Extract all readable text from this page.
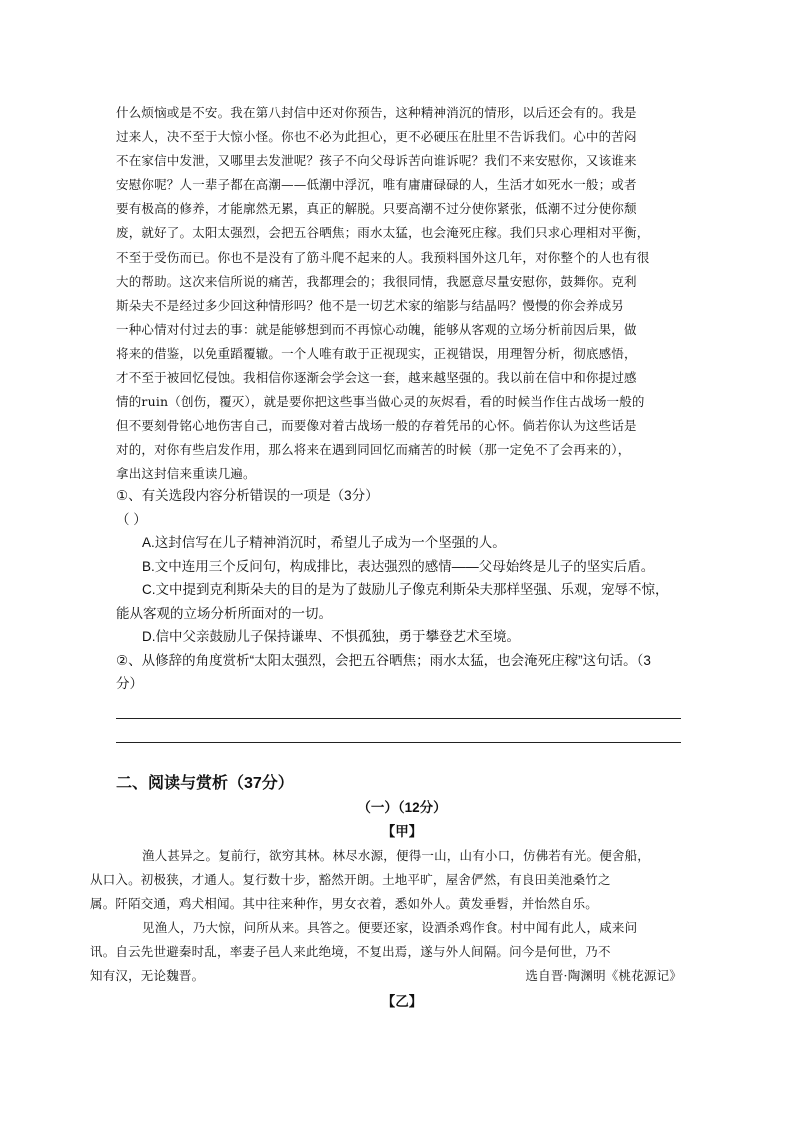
什么烦恼或是不安。我在第八封信中还对你预告，这种精神消沉的情形，以后还会有的。我是

过来人，决不至于大惊小怪。你也不必为此担心，更不必硬压在肚里不告诉我们。心中的苦闷

不在家信中发泄，又哪里去发泄呢？孩子不向父母诉苦向谁诉呢？我们不来安慰你，又该谁来

安慰你呢？人一辈子都在高潮——低潮中浮沉，唯有庸庸碌碌的人，生活才如死水一般；或者

要有极高的修养，才能廓然无累，真正的解脱。只要高潮不过分使你紧张，低潮不过分使你颓

废，就好了。太阳太强烈，会把五谷晒焦；雨水太猛，也会淹死庄稼。我们只求心理相对平衡，

不至于受伤而已。你也不是没有了筋斗爬不起来的人。我预料国外这几年，对你整个的人也有很

大的帮助。这次来信所说的痛苦，我都理会的；我很同情，我愿意尽量安慰你，鼓舞你。克利

斯朵夫不是经过多少回这种情形吗？他不是一切艺术家的缩影与结晶吗？慢慢的你会养成另

一种心情对付过去的事：就是能够想到而不再惊心动魄，能够从客观的立场分析前因后果，做

将来的借鉴，以免重蹈覆辙。一个人唯有敢于正视现实，正视错误，用理智分析，彻底感悟，

才不至于被回忆侵蚀。我相信你逐渐会学会这一套，越来越坚强的。我以前在信中和你提过感

情的ruin（创伤，覆灭），就是要你把这些事当做心灵的灰烬看，看的时候当作住古战场一般的

但不要刻骨铭心地伤害自己，而要像对着古战场一般的存着凭吊的心怀。倘若你认为这些话是

对的，对你有些启发作用，那么将来在遇到同回忆而痛苦的时候（那一定免不了会再来的），

拿出这封信来重读几遍。

①、有关选段内容分析错误的一项是（3分）

（ ）

A.这封信写在儿子精神消沉时，希望儿子成为一个坚强的人。

B.文中连用三个反问句，构成排比，表达强烈的感情——父母始终是儿子的坚实后盾。

C.文中提到克利斯朵夫的目的是为了鼓励儿子像克利斯朵夫那样坚强、乐观，宠辱不惊，

能从客观的立场分析所面对的一切。

D.信中父亲鼓励儿子保持谦卑、不惧孤独，勇于攀登艺术至境。

②、从修辞的角度赏析“太阳太强烈，会把五谷晒焦；雨水太猛，也会淹死庄稼”这句话。（3

分）

二、阅读与赏析（37分）

（一）（12分）

【甲】

渔人甚异之。复前行，欲穷其林。林尽水源，便得一山，山有小口，仿佛若有光。便舍船，
从口入。初极狭，才通人。复行数十步，豁然开朗。土地平旷，屋舍俨然，有良田美池桑竹之
属。阡陌交通，鸡犬相闻。其中往来种作，男女衣着，悉如外人。黄发垂髫，并怡然自乐。

见渔人，乃大惊，问所从来。具答之。便要还家，设酒杀鸡作食。村中闻有此人，咸来问
讯。自云先世避秦时乱，率妻子邑人来此绝境，不复出焉，遂与外人间隔。问今是何世，乃不
知有汉，无论魏晋。	选自晋·陶渊明《桃花源记》

【乙】
